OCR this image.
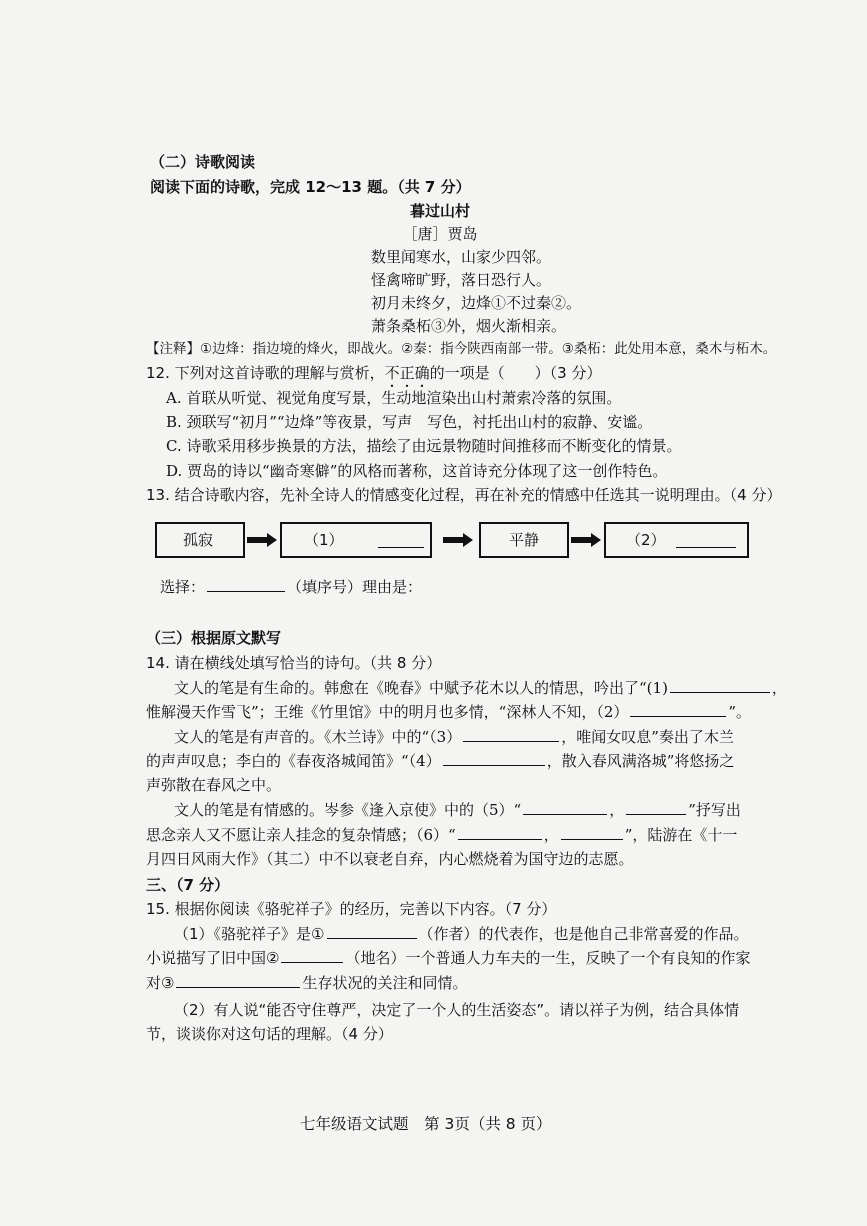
（二）诗歌阅读
阅读下面的诗歌，完成 12～13 题。（共 7 分）
暮过山村
［唐］贾岛
数里闻寒水，山家少四邻。
怪禽啼旷野，落日恐行人。
初月未终夕，边烽①不过秦②。
萧条桑柘③外，烟火渐相亲。
【注释】①边烽：指边境的烽火，即战火。②秦：指今陕西南部一带。③桑柘：此处用本意，桑木与柘木。
12. 下列对这首诗歌的理解与赏析，不正确的一项是（　　）（3 分）
A. 首联从听觉、视觉角度写景，生动地渲染出山村萧索冷落的氛围。
B. 颈联写“初月”“边烽”等夜景，写声　写色，衬托出山村的寂静、安谧。
C. 诗歌采用移步换景的方法，描绘了由远景物随时间推移而不断变化的情景。
D. 贾岛的诗以“幽奇寒僻”的风格而著称，这首诗充分体现了这一创作特色。
13. 结合诗歌内容，先补全诗人的情感变化过程，再在补充的情感中任选其一说明理由。（4 分）
孤寂	（1）	平静	（2）
选择：	（填序号）理由是：
（三）根据原文默写
14. 请在横线处填写恰当的诗句。（共 8 分）
文人的笔是有生命的。韩愈在《晚春》中赋予花木以人的情思，吟出了“(1)	，
惟解漫天作雪飞”；王维《竹里馆》中的明月也多情，“深林人不知，（2）	”。
文人的笔是有声音的。《木兰诗》中的“（3）	，唯闻女叹息”奏出了木兰
的声声叹息；李白的《春夜洛城闻笛》“（4）	，散入春风满洛城”将悠扬之
声弥散在春风之中。
文人的笔是有情感的。岑参《逢入京使》中的（5）“	，	”抒写出
思念亲人又不愿让亲人挂念的复杂情感；（6）“	，	”，陆游在《十一
月四日风雨大作》（其二）中不以衰老自弃，内心燃烧着为国守边的志愿。
三、（7 分）
15. 根据你阅读《骆驼祥子》的经历，完善以下内容。（7 分）
（1）《骆驼祥子》是①	（作者）的代表作，也是他自己非常喜爱的作品。
小说描写了旧中国②	（地名）一个普通人力车夫的一生，反映了一个有良知的作家
对③	生存状况的关注和同情。
（2）有人说“能否守住尊严，决定了一个人的生活姿态”。请以祥子为例，结合具体情
节，谈谈你对这句话的理解。（4 分）
七年级语文试题　 第 3页（共 8 页）
